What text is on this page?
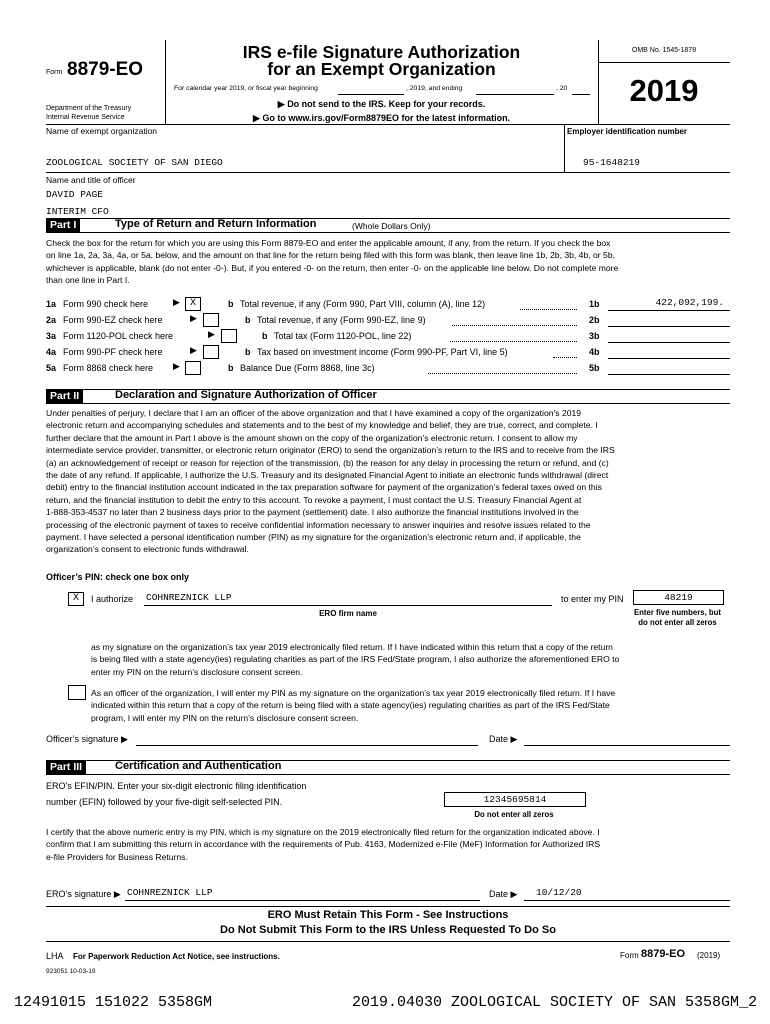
Form 8879-EO
Department of the Treasury
Internal Revenue Service
IRS e-file Signature Authorization
for an Exempt Organization
For calendar year 2019, or fiscal year beginning	, 2019, and ending	, 20
▶ Do not send to the IRS. Keep for your records.
▶ Go to www.irs.gov/Form8879EO for the latest information.
OMB No. 1545-1878
2019
Name of exempt organization	Employer identification number
ZOOLOGICAL SOCIETY OF SAN DIEGO	95-1648219
Name and title of officer
DAVID PAGE
INTERIM CFO
Part I	Type of Return and Return Information	(Whole Dollars Only)
Check the box for the return for which you are using this Form 8879-EO and enter the applicable amount, if any, from the return. If you check the box
on line 1a, 2a, 3a, 4a, or 5a, below, and the amount on that line for the return being filed with this form was blank, then leave line 1b, 2b, 3b, 4b, or 5b,
whichever is applicable, blank (do not enter -0-). But, if you entered -0- on the return, then enter -0- on the applicable line below. Do not complete more
than one line in Part I.
1a Form 990 check here	▶	X	b Total revenue, if any (Form 990, Part VIII, column (A), line 12)	1b	422,092,199.
2a Form 990-EZ check here	▶	b Total revenue, if any (Form 990-EZ, line 9)	2b
3a Form 1120-POL check here	▶	b Total tax (Form 1120-POL, line 22)	3b
4a Form 990-PF check here	▶	b Tax based on investment income (Form 990-PF, Part VI, line 5)	4b
5a Form 8868 check here ▶	b Balance Due (Form 8868, line 3c)	5b
Part II	Declaration and Signature Authorization of Officer
Under penalties of perjury, I declare that I am an officer of the above organization and that I have examined a copy of the organization’s 2019
electronic return and accompanying schedules and statements and to the best of my knowledge and belief, they are true, correct, and complete. I
further declare that the amount in Part I above is the amount shown on the copy of the organization’s electronic return. I consent to allow my
intermediate service provider, transmitter, or electronic return originator (ERO) to send the organization’s return to the IRS and to receive from the IRS
(a) an acknowledgement of receipt or reason for rejection of the transmission, (b) the reason for any delay in processing the return or refund, and (c)
the date of any refund. If applicable, I authorize the U.S. Treasury and its designated Financial Agent to initiate an electronic funds withdrawal (direct
debit) entry to the financial institution account indicated in the tax preparation software for payment of the organization’s federal taxes owed on this
return, and the financial institution to debit the entry to this account. To revoke a payment, I must contact the U.S. Treasury Financial Agent at
1-888-353-4537 no later than 2 business days prior to the payment (settlement) date. I also authorize the financial institutions involved in the
processing of the electronic payment of taxes to receive confidential information necessary to answer inquiries and resolve issues related to the
payment. I have selected a personal identification number (PIN) as my signature for the organization’s electronic return and, if applicable, the
organization’s consent to electronic funds withdrawal.
Officer’s PIN: check one box only
X	I authorize COHNREZNICK LLP
ERO firm name
to enter my PIN	48219
Enter five numbers, but
do not enter all zeros
as my signature on the organization’s tax year 2019 electronically filed return. If I have indicated within this return that a copy of the return
is being filed with a state agency(ies) regulating charities as part of the IRS Fed/State program, I also authorize the aforementioned ERO to
enter my PIN on the return’s disclosure consent screen.
As an officer of the organization, I will enter my PIN as my signature on the organization’s tax year 2019 electronically filed return. If I have
indicated within this return that a copy of the return is being filed with a state agency(ies) regulating charities as part of the IRS Fed/State
program, I will enter my PIN on the return’s disclosure consent screen.
Officer’s signature ▶	Date ▶
Part III	Certification and Authentication
ERO’s EFIN/PIN. Enter your six-digit electronic filing identification
number (EFIN) followed by your five-digit self-selected PIN.	12345695814
Do not enter all zeros
I certify that the above numeric entry is my PIN, which is my signature on the 2019 electronically filed return for the organization indicated above. I
confirm that I am submitting this return in accordance with the requirements of Pub. 4163, Modernized e-File (MeF) Information for Authorized IRS
e-file Providers for Business Returns.
ERO’s signature ▶ COHNREZNICK LLP	Date ▶ 10/12/20
ERO Must Retain This Form - See Instructions
Do Not Submit This Form to the IRS Unless Requested To Do So
LHA For Paperwork Reduction Act Notice, see instructions.	Form 8879-EO (2019)
923051 10-03-19
12491015 151022 5358GM	2019.04030 ZOOLOGICAL SOCIETY OF SAN 5358GM_2
